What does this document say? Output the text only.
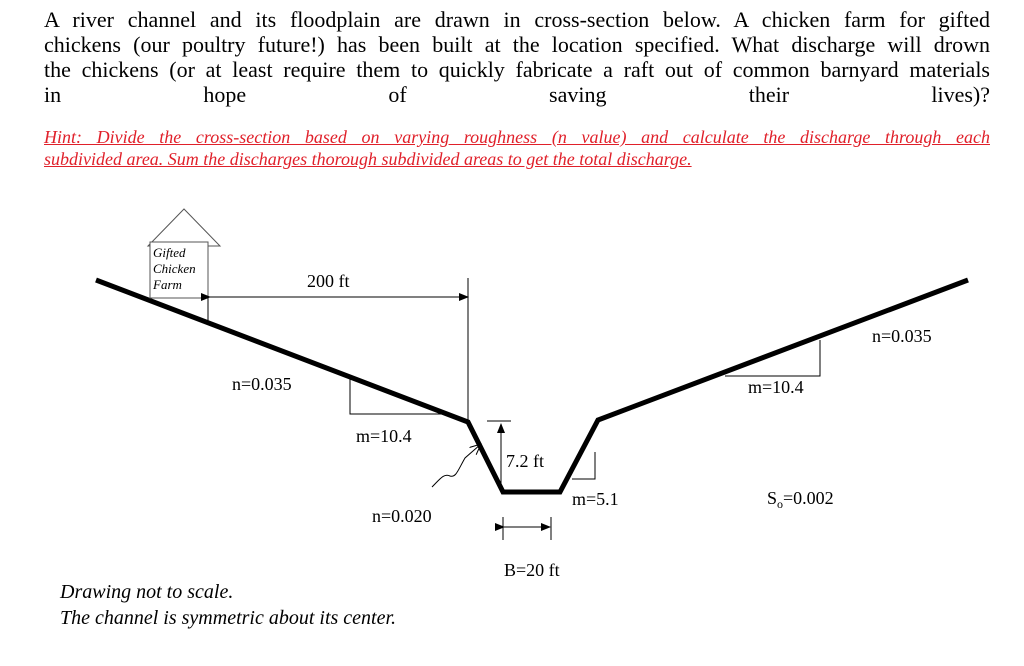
A river channel and its floodplain are drawn in cross-section below. A chicken farm for gifted
chickens (our poultry future!) has been built at the location specified. What discharge will drown
the chickens (or at least require them to quickly fabricate a raft out of common barnyard materials
in hope of saving their lives)?
Hint: Divide the cross-section based on varying roughness (n value) and calculate the discharge through each
subdivided area. Sum the discharges thorough subdivided areas to get the total discharge.
Gifted
Chicken
Farm	200 ft
n=0.035
m=10.4
n=0.020
7.2 ft
m=5.1
B=20 ft
m=10.4
n=0.035
$S_o=0.002$
Drawing not to scale.
The channel is symmetric about its center.
